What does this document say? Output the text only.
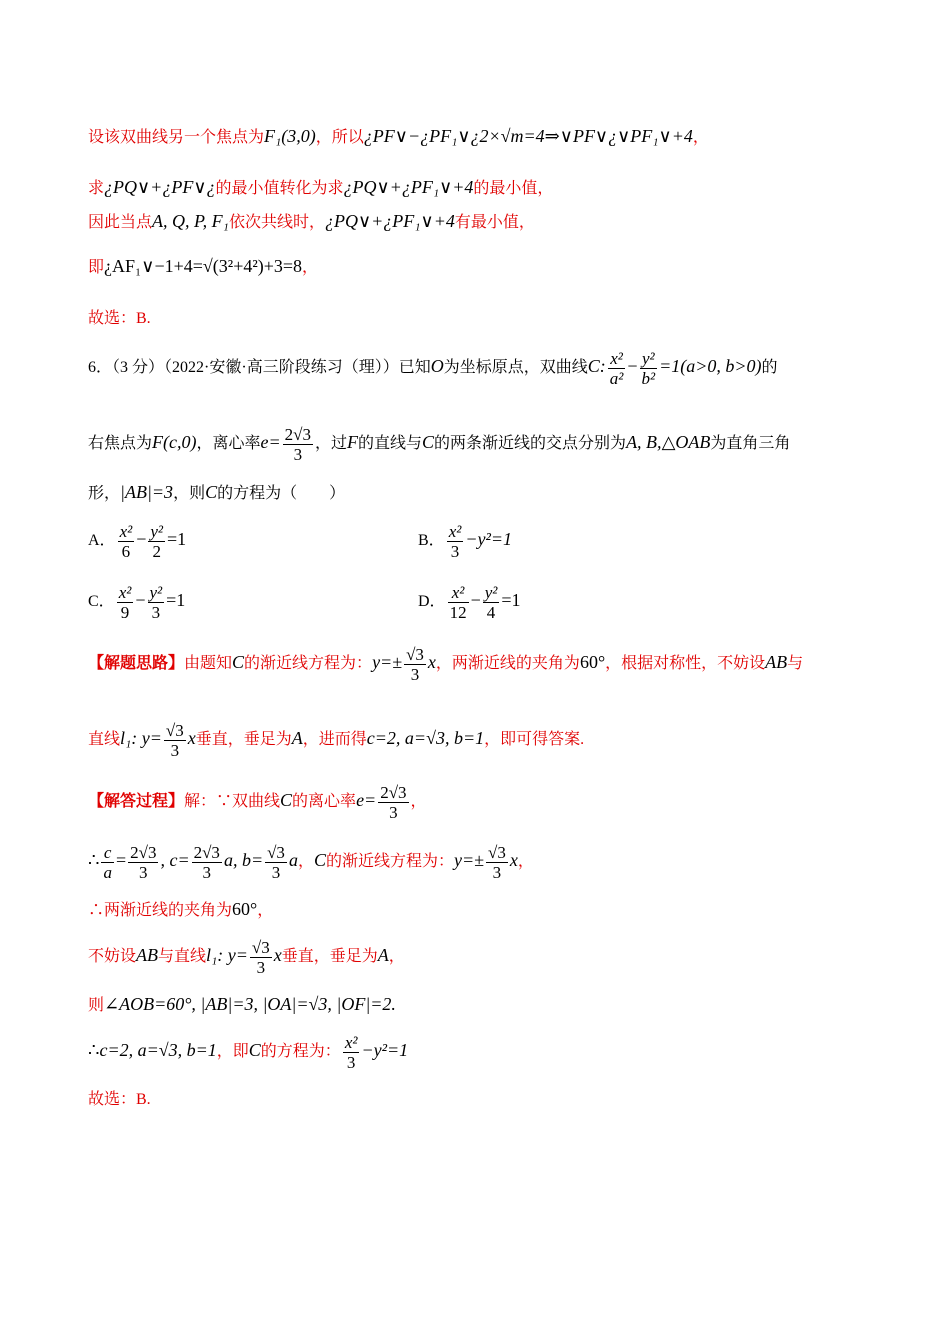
设该双曲线另一个焦点为F₁(3,0)，所以¿PF∨−¿PF₁∨¿2×√m=4⇒∨PF∨¿∨PF₁∨+4，
求¿PQ∨+¿PF∨¿的最小值转化为求¿PQ∨+¿PF₁∨+4的最小值，
因此当点A, Q, P, F₁依次共线时，¿PQ∨+¿PF₁∨+4有最小值，
即¿AF₁∨−1+4=√(3²+4²)+3=8，
故选：B.
6．（3 分）（2022·安徽·高三阶段练习（理））已知O为坐标原点，双曲线C: $\frac{\text{x²}}{\text{a²}} - \frac{\text{y²}}{\text{b²}} =1(a>0$, b>0)的
右焦点为F(c,0)，离心率$e= \frac{2√3}{3}$ ，过F的直线与C的两条渐近线的交点分别为A, B,△OAB为直角三角
形，|AB|=3，则C的方程为（　　）
A． $\frac{\text{x²}}{6} - \frac{\text{y²}}{2} =1$	B． $\frac{\text{x²}}{3} -y^2=1$
C． $\frac{\text{x²}}{9} - \frac{\text{y²}}{3} =1$	D． $\frac{\text{x²}}{12} - \frac{\text{y²}}{4} =1$
【解题思路】由题知C的渐近线方程为：$y=\pm \frac{√3}{3}$ x，两渐近线的夹角为60°，根据对称性，不妨设AB与
直线l₁: $y= \frac{√3}{3}$ x垂直，垂足为A，进而得c=2, a=√3, b=1，即可得答案.
【解答过程】解：∵双曲线C的离心率$e= \frac{2√3}{3}$ ，
∴ $\frac{c}{a} = \frac{2√3}{3}$ , $c= \frac{2√3}{3} a$, $b= \frac{√3}{3}$ a，C的渐近线方程为：$y=\pm \frac{√3}{3}$ x，
∴两渐近线的夹角为60°，
不妨设AB与直线l₁: $y= \frac{√3}{3}$ x垂直，垂足为A，
则∠AOB=60°, |AB|=3, |OA|=√3, |OF|=2.
∴c=2, a=√3, b=1，即C的方程为： $\frac{\text{x²}}{3} -y^2=1$
故选：B.
